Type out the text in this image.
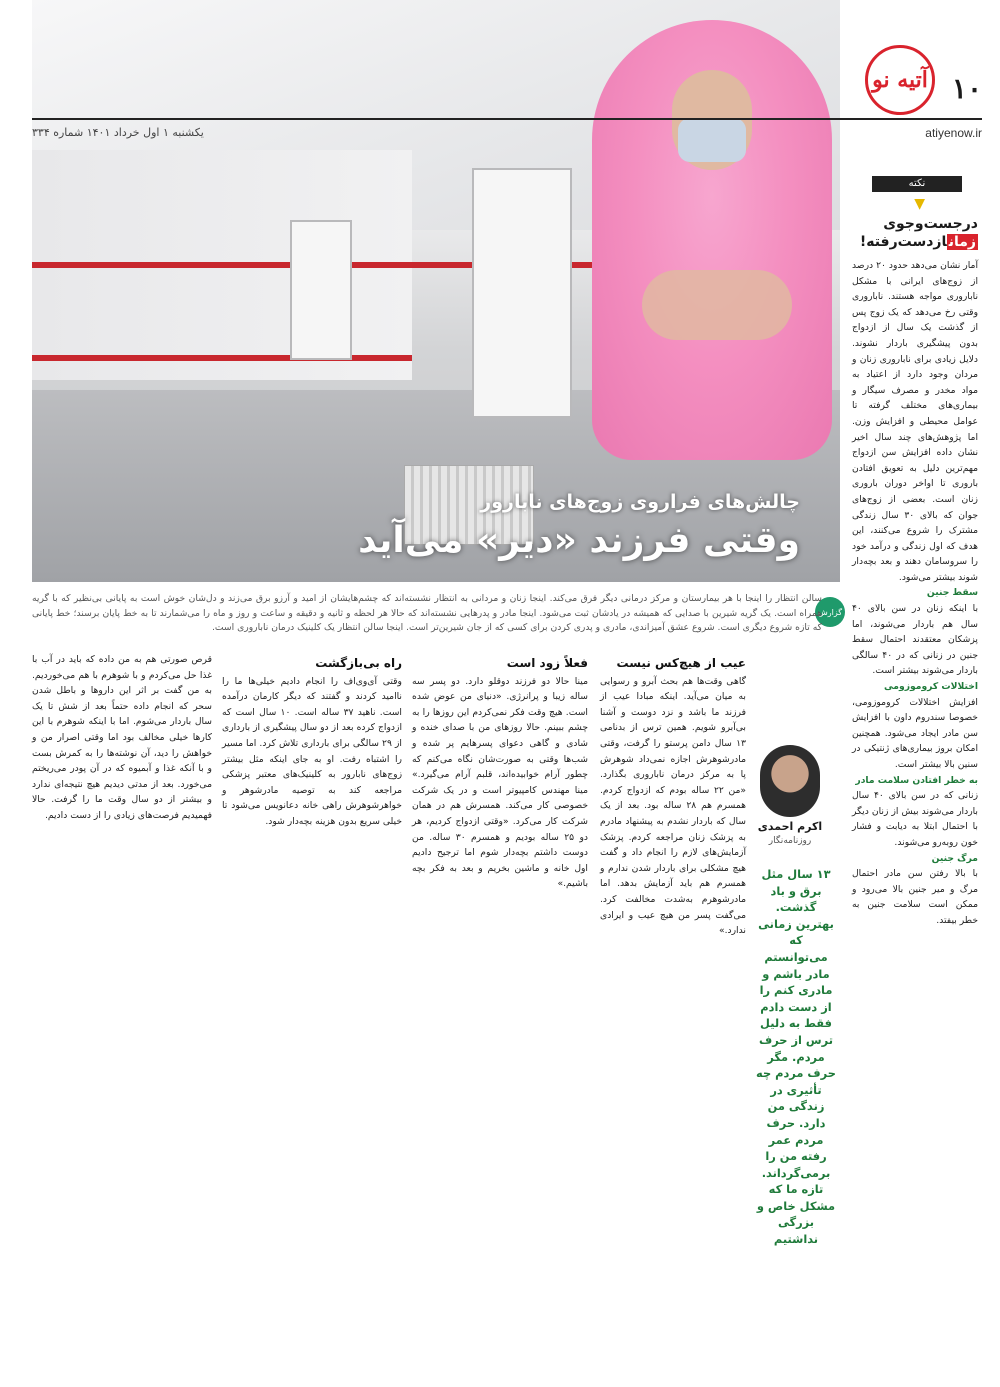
چالش‌های فراروی زوج‌های نابارور
وقتی فرزند «دیر» می‌آید
۱۰
آتیه نو
atiyenow.ir
یکشنبه ۱ اول خرداد ۱۴۰۱ شماره ۳۳۴
نکته
▼
درجست‌وجوی
زمانازدست‌رفته!

آمار نشان می‌دهد حدود ۲۰ درصد از زوج‌های ایرانی با مشکل ناباروری مواجه هستند. ناباروری وقتی رخ می‌دهد که یک زوج پس از گذشت یک سال از ازدواج بدون پیشگیری باردار نشوند. دلایل زیادی برای ناباروری زنان و مردان وجود دارد از اعتیاد به مواد مخدر و مصرف سیگار و بیماری‌های مختلف گرفته تا عوامل محیطی و افزایش وزن. اما پژوهش‌های چند سال اخیر نشان داده افزایش سن ازدواج مهم‌ترین دلیل به تعویق افتادن باروری تا اواخر دوران باروری زنان است. بعضی از زوج‌های جوان که بالای ۳۰ سال زندگی مشترک را شروع می‌کنند، این هدف که اول زندگی و درآمد خود را سروسامان دهند و بعد بچه‌دار شوند بیشتر می‌شود.

سقط جنین

با اینکه زنان در سن بالای ۴۰ سال هم باردار می‌شوند، اما پزشکان معتقدند احتمال سقط جنین در زنانی که در ۴۰ سالگی باردار می‌شوند بیشتر است.

اختلالات کروموزومی

افزایش اختلالات کروموزومی، خصوصا سندروم داون با افزایش سن مادر ایجاد می‌شود. همچنین امکان بروز بیماری‌های ژنتیکی در سنین بالا بیشتر است.

به خطر افتادن سلامت مادر

زنانی که در سن بالای ۴۰ سال باردار می‌شوند بیش از زنان دیگر با احتمال ابتلا به دیابت و فشار خون روبه‌رو می‌شوند.

مرگ جنین

با بالا رفتن سن مادر احتمال مرگ و میر جنین بالا می‌رود و ممکن است سلامت جنین به خطر بیفتد.

گزارش
سالن انتظار را اینجا با هر بیمارستان و مرکز درمانی دیگر فرق می‌کند. اینجا زنان و مردانی به انتظار نشسته‌اند که چشم‌هایشان از امید و آرزو برق می‌زند و دل‌شان خوش است به پایانی بی‌نظیر که با گریه همراه است. یک گریه شیرین با صدایی که همیشه در یادشان ثبت می‌شود. اینجا مادر و پدرهایی نشسته‌اند که حالا هر لحظه و ثانیه و دقیقه و ساعت و روز و ماه را می‌شمارند تا به خط پایان برسند؛ خط پایانی که تازه شروع دیگری است. شروع عشق آمیزاندی، مادری و پدری کردن برای کسی که از جان شیرین‌تر است. اینجا سالن انتظار یک کلینیک درمان ناباروری است.
اکرم احمدی
روزنامه‌نگار
۱۳ سال مثل برق و باد گذشت. بهترین زمانی که می‌توانستم مادر باشم و مادری کنم را از دست دادم فقط به دلیل ترس از حرف مردم. مگر حرف مردم چه تأثیری در زندگی من دارد. حرف مردم عمر رفته من را برمی‌گرداند. تازه ما که مشکل خاص و بزرگی نداشتیم
عیب از هیچ‌کس نیست

گاهی وقت‌ها هم بحث آبرو و رسوایی به میان می‌آید. اینکه مبادا عیب از فرزند ما باشد و نزد دوست و آشنا بی‌آبرو شویم. همین ترس از بدنامی ۱۳ سال دامن پرستو را گرفت، وقتی مادرشوهرش اجازه نمی‌داد شوهرش پا به مرکز درمان ناباروری بگذارد. «من ۲۲ ساله بودم که ازدواج کردم. همسرم هم ۲۸ ساله بود. بعد از یک سال که باردار نشدم به پیشنهاد مادرم به پزشک زنان مراجعه کردم. پزشک آزمایش‌های لازم را انجام داد و گفت هیچ مشکلی برای باردار شدن ندارم و همسرم هم باید آزمایش بدهد. اما مادرشوهرم به‌شدت مخالفت کرد. می‌گفت پسر من هیچ عیب و ایرادی ندارد.»

فعلاً زود است

مینا حالا دو فرزند دوقلو دارد. دو پسر سه ساله زیبا و پرانرژی. «دنیای من عوض شده است. هیچ وقت فکر نمی‌کردم این روزها را به چشم ببینم. حالا روزهای من با صدای خنده و شادی و گاهی دعوای پسرهایم پر شده و شب‌ها وقتی به صورت‌شان نگاه می‌کنم که چطور آرام خوابیده‌اند، قلبم آرام می‌گیرد.» مینا مهندس کامپیوتر است و در یک شرکت خصوصی کار می‌کند. همسرش هم در همان شرکت کار می‌کرد. «وقتی ازدواج کردیم، هر دو ۲۵ ساله بودیم و همسرم ۳۰ ساله. من دوست داشتم بچه‌دار شوم اما ترجیح دادیم اول خانه و ماشین بخریم و بعد به فکر بچه باشیم.»

راه بی‌بازگشت

وقتی آی‌وی‌اف را انجام دادیم خیلی‌ها ما را ناامید کردند و گفتند که دیگر کارمان درآمده است. ناهید ۳۷ ساله است. ۱۰ سال است که ازدواج کرده بعد از دو سال پیشگیری از بارداری از ۲۹ سالگی برای بارداری تلاش کرد. اما مسیر را اشتباه رفت. او به جای اینکه مثل بیشتر زوج‌های نابارور به کلینیک‌های معتبر پزشکی مراجعه کند به توصیه مادرشوهر و خواهرشوهرش راهی خانه دعانویس می‌شود تا خیلی سریع بدون هزینه بچه‌دار شود.

قرص صورتی هم به من داده که باید در آب با غذا حل می‌کردم و با شوهرم با هم می‌خوردیم. به من گفت بر اثر این داروها و باطل شدن سحر که انجام داده حتماً بعد از شش تا یک سال باردار می‌شوم. اما با اینکه شوهرم با این کارها خیلی مخالف بود اما وقتی اصرار من و خواهش را دید، آن نوشته‌ها را به کمرش بست و با آنکه غذا و آبمیوه که در آن پودر می‌ریختم می‌خورد. بعد از مدتی دیدیم هیچ نتیجه‌ای ندارد و بیشتر از دو سال وقت ما را گرفت. حالا فهمیدیم فرصت‌های زیادی را از دست دادیم.
